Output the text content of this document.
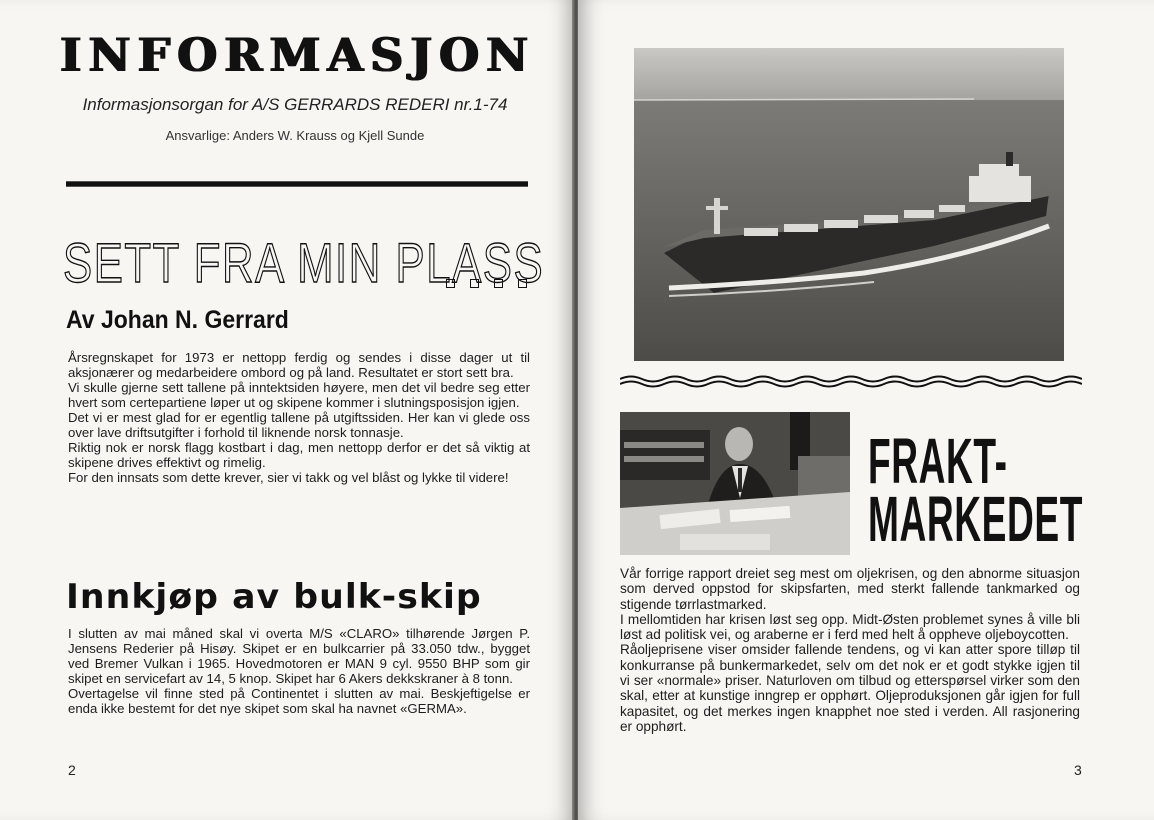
INFORMASJON
Informasjonsorgan for A/S GERRARDS REDERI nr.1-74
Ansvarlige: Anders W. Krauss og Kjell Sunde
SETT FRA MIN PLASS
Av Johan N. Gerrard

Årsregnskapet for 1973 er nettopp ferdig og sendes i disse dager ut til aksjonærer og medarbeidere ombord og på land. Resultatet er stort sett bra.

Vi skulle gjerne sett tallene på inntektsiden høyere, men det vil bedre seg etter hvert som certepartiene løper ut og skipene kommer i slutningsposisjon igjen.

Det vi er mest glad for er egentlig tallene på utgiftssiden. Her kan vi glede oss over lave driftsutgifter i forhold til liknende norsk tonnasje.

Riktig nok er norsk flagg kostbart i dag, men nettopp derfor er det så viktig at skipene drives effektivt og rimelig.

For den innsats som dette krever, sier vi takk og vel blåst og lykke til videre!

Innkjøp av bulk-skip

I slutten av mai måned skal vi overta M/S «CLARO» tilhørende Jørgen P. Jensens Rederier på Hisøy. Skipet er en bulkcarrier på 33.050 tdw., bygget ved Bremer Vulkan i 1965. Hovedmotoren er MAN 9 cyl. 9550 BHP som gir skipet en servicefart av 14, 5 knop. Skipet har 6 Akers dekkskraner à 8 tonn.

Overtagelse vil finne sted på Continentet i slutten av mai. Beskjeftigelse er enda ikke bestemt for det nye skipet som skal ha navnet «GERMA».

2
FRAKT-
MARKEDET

Vår forrige rapport dreiet seg mest om oljekrisen, og den abnorme situasjon som derved oppstod for skipsfarten, med sterkt fallende tankmarked og stigende tørrlastmarked.

I mellomtiden har krisen løst seg opp. Midt-Østen problemet synes å ville bli løst ad politisk vei, og araberne er i ferd med helt å oppheve oljeboycotten.

Råoljeprisene viser omsider fallende tendens, og vi kan atter spore tilløp til konkurranse på bunkermarkedet, selv om det nok er et godt stykke igjen til vi ser «normale» priser. Naturloven om tilbud og etterspørsel virker som den skal, etter at kunstige inngrep er opphørt. Oljeproduksjonen går igjen for full kapasitet, og det merkes ingen knapphet noe sted i verden. All rasjonering er opphørt.

3
